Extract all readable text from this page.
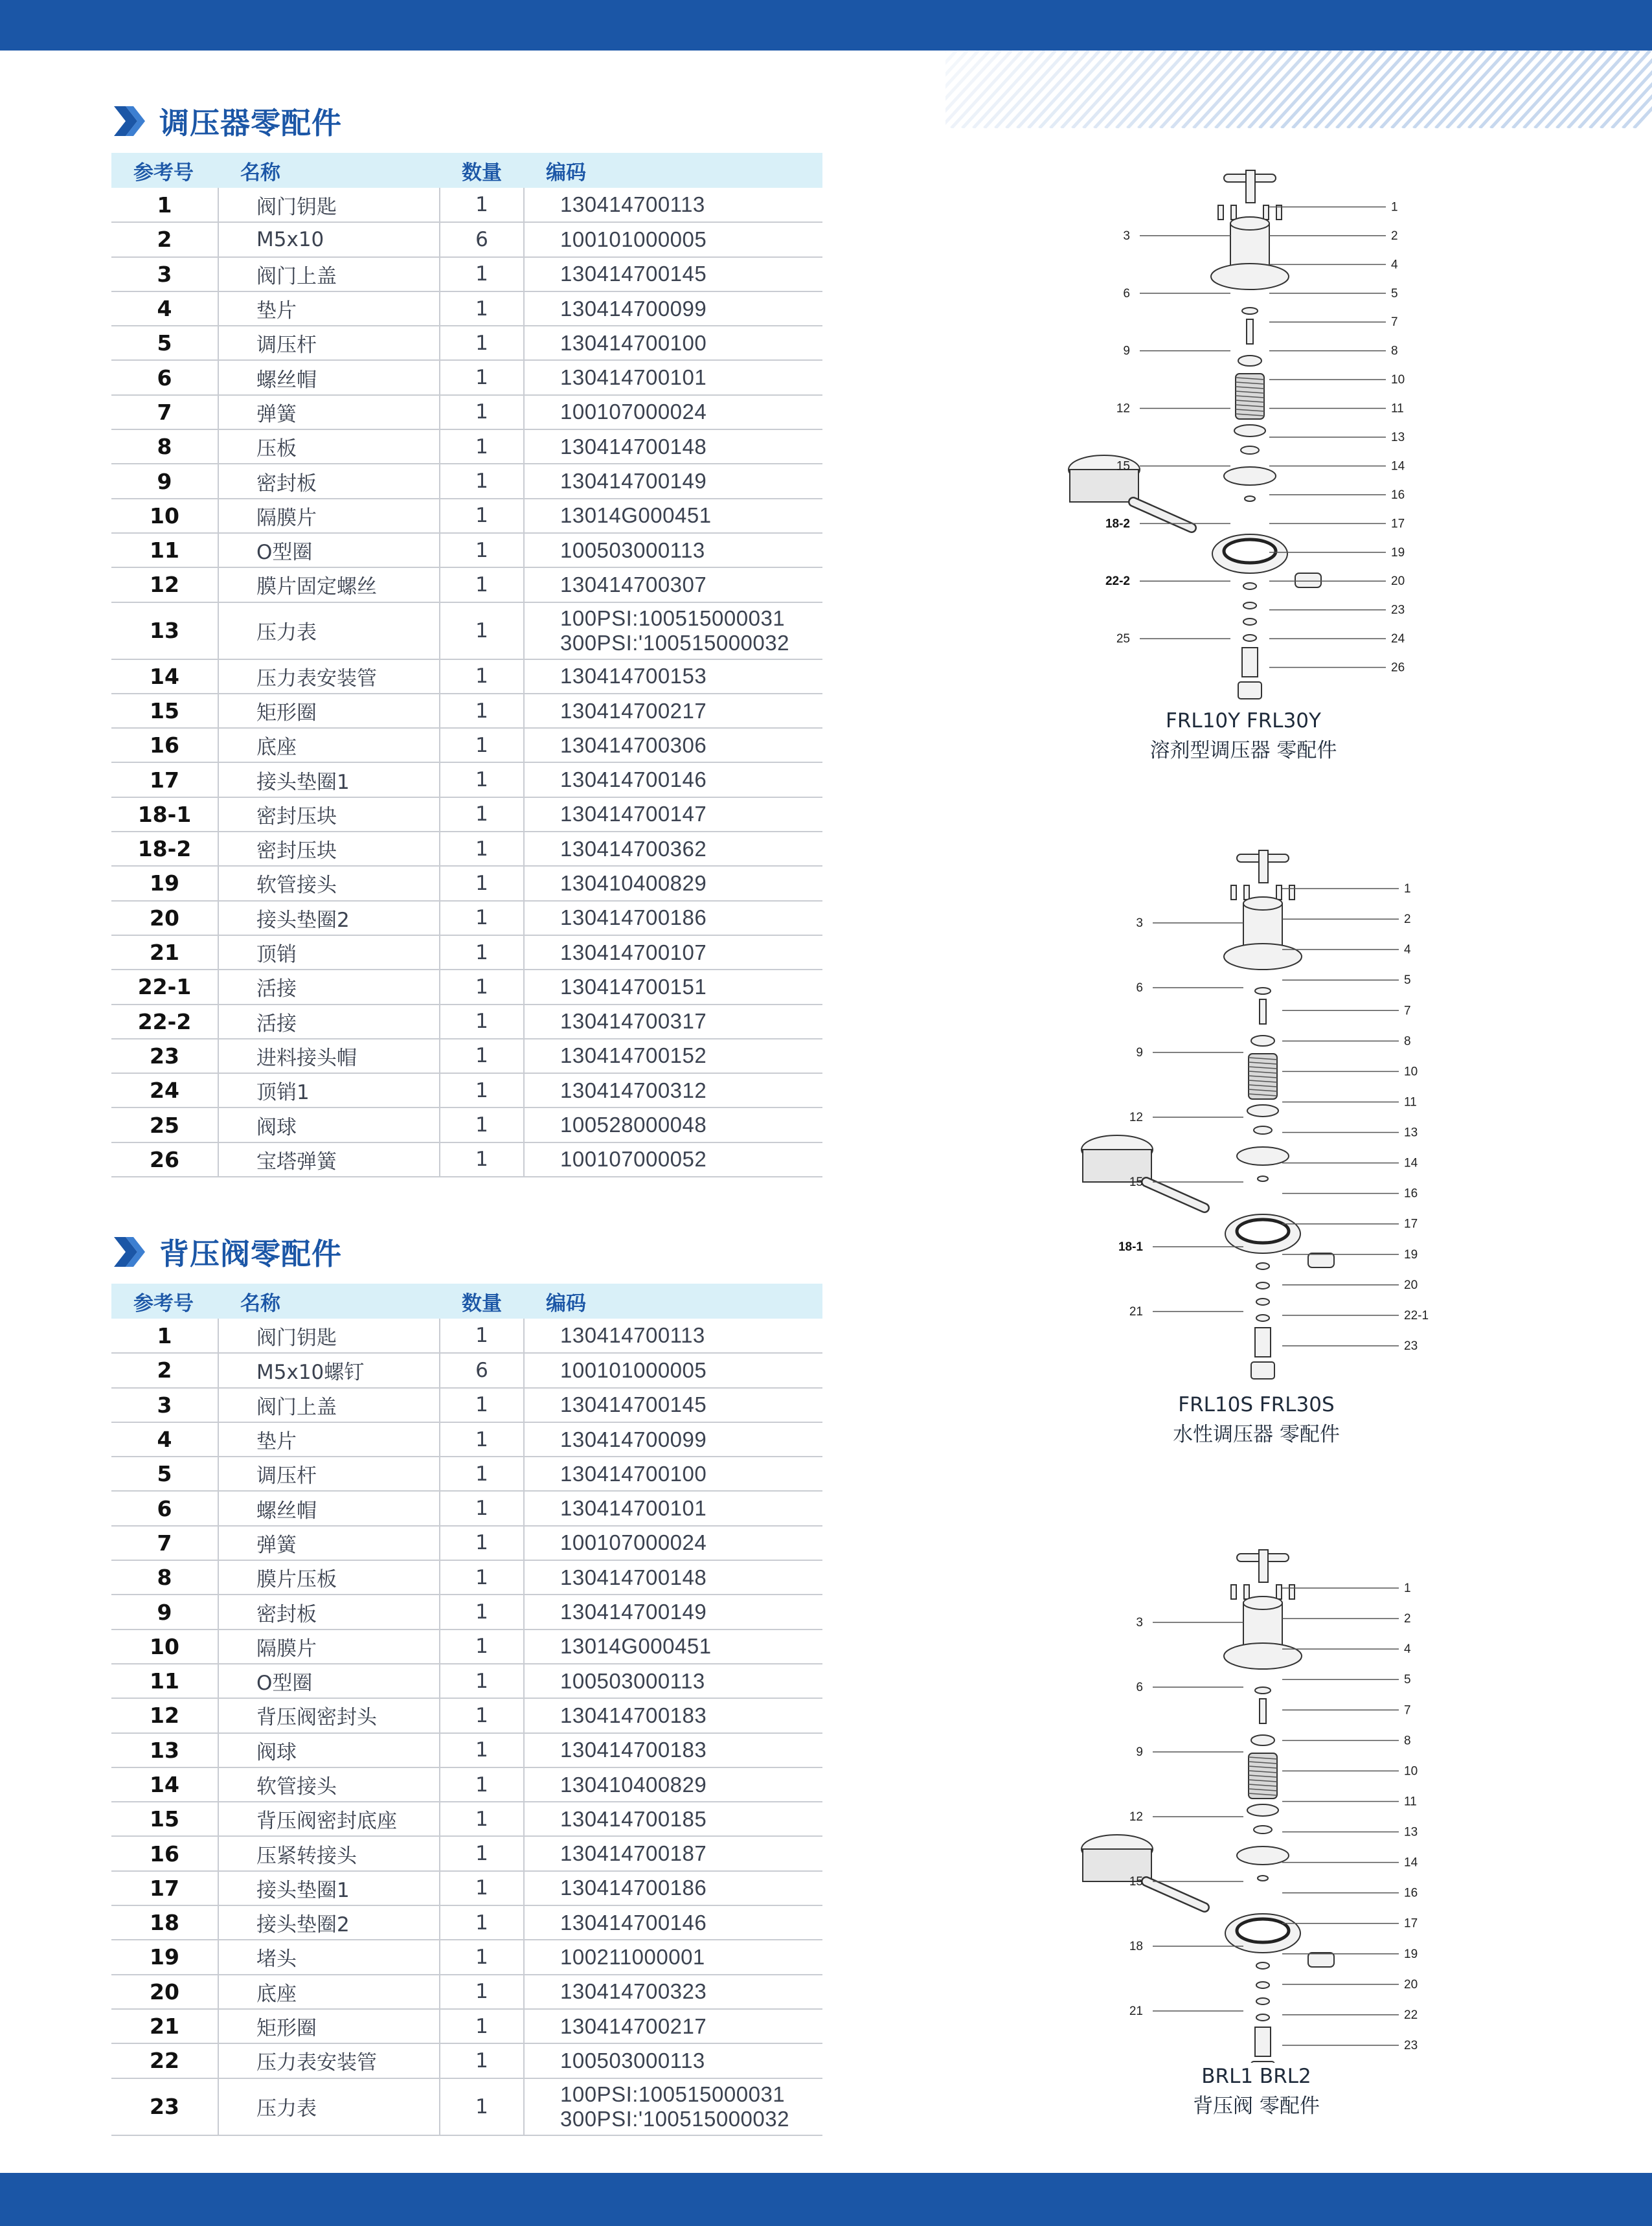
调压器零配件
参考号	名称	数量	编码
1	阀门钥匙	1	130414700113
2	M5x10	6	100101000005
3	阀门上盖	1	130414700145
4	垫片	1	130414700099
5	调压杆	1	130414700100
6	螺丝帽	1	130414700101
7	弹簧	1	100107000024
8	压板	1	130414700148
9	密封板	1	130414700149
10	隔膜片	1	13014G000451
11	O型圈	1	100503000113
12	膜片固定螺丝	1	130414700307
13	压力表	1	100PSI:100515000031
300PSI:'100515000032

14	压力表安装管	1	130414700153
15	矩形圈	1	130414700217
16	底座	1	130414700306
17	接头垫圈1	1	130414700146
18-1	密封压块	1	130414700147
18-2	密封压块	1	130414700362
19	软管接头	1	130410400829
20	接头垫圈2	1	130414700186
21	顶销	1	130414700107
22-1	活接	1	130414700151
22-2	活接	1	130414700317
23	进料接头帽	1	130414700152
24	顶销1	1	130414700312
25	阀球	1	100528000048
26	宝塔弹簧	1	100107000052
背压阀零配件
参考号	名称	数量	编码
1	阀门钥匙	1	130414700113
2	M5x10螺钉	6	100101000005
3	阀门上盖	1	130414700145
4	垫片	1	130414700099
5	调压杆	1	130414700100
6	螺丝帽	1	130414700101
7	弹簧	1	100107000024
8	膜片压板	1	130414700148
9	密封板	1	130414700149
10	隔膜片	1	13014G000451
11	O型圈	1	100503000113
12	背压阀密封头	1	130414700183
13	阀球	1	130414700183
14	软管接头	1	130410400829
15	背压阀密封底座	1	130414700185
16	压紧转接头	1	130414700187
17	接头垫圈1	1	130414700186
18	接头垫圈2	1	130414700146
19	堵头	1	100211000001
20	底座	1	130414700323
21	矩形圈	1	130414700217
22	压力表安装管	1	100503000113
23	压力表	1	100PSI:100515000031
300PSI:'100515000032
1
2
4
5
7
8
10
11
13
14
16
17
19
20
23
24
26
3
6
9
12
15
18-2
22-2
25
FRL10Y FRL30Y
溶剂型调压器 零配件
1
2
4
5
7
8
10
11
13
14
16
17
19
20
22-1
23
3
6
9
12
15
18-1
21
FRL10S FRL30S
水性调压器 零配件
1
2
4
5
7
8
10
11
13
14
16
17
19
20
22
23
3
6
9
12
15
18
21
BRL1 BRL2
背压阀 零配件
